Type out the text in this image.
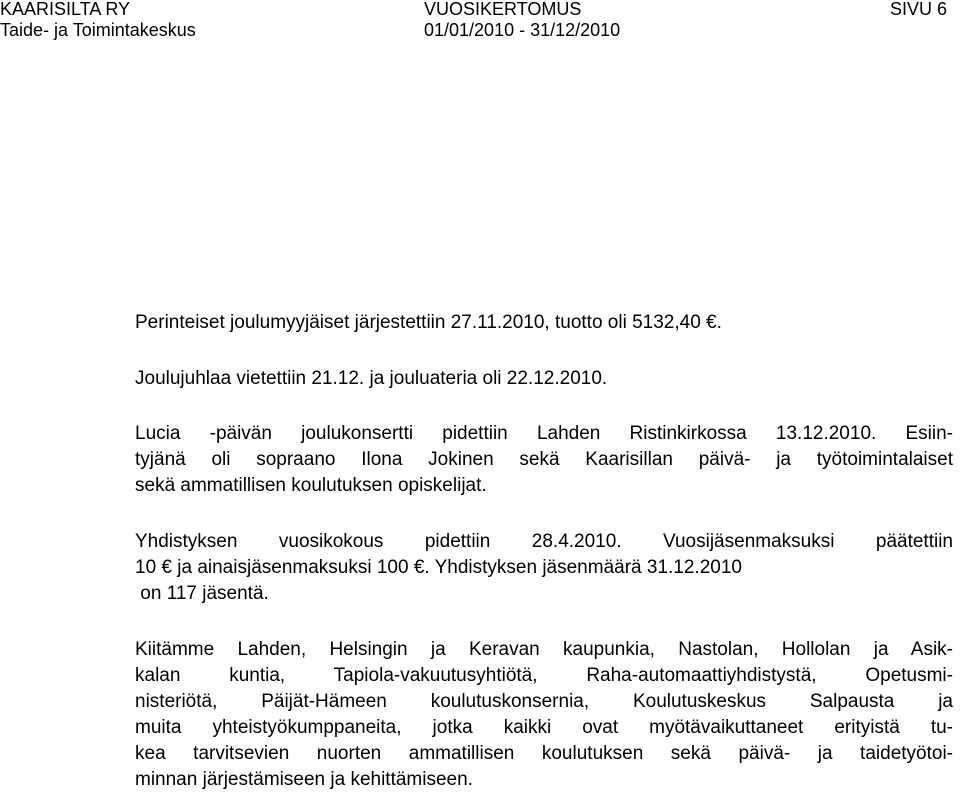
KAARISILTA RY	VUOSIKERTOMUS	SIVU 6
Taide- ja Toimintakeskus	01/01/2010 - 31/12/2010

Perinteiset joulumyyjäiset järjestettiin 27.11.2010, tuotto oli 5132,40 €.

Joulujuhlaa vietettiin 21.12. ja jouluateria oli 22.12.2010.

Lucia -päivän joulukonsertti pidettiin Lahden Ristinkirkossa 13.12.2010. Esiin-
tyjänä oli sopraano Ilona Jokinen sekä Kaarisillan päivä- ja työtoimintalaiset
sekä ammatillisen koulutuksen opiskelijat.

Yhdistyksen vuosikokous pidettiin 28.4.2010. Vuosijäsenmaksuksi päätettiin
10 € ja ainaisjäsenmaksuksi 100 €. Yhdistyksen jäsenmäärä 31.12.2010
on 117 jäsentä.

Kiitämme Lahden, Helsingin ja Keravan kaupunkia, Nastolan, Hollolan ja Asik-
kalan kuntia, Tapiola-vakuutusyhtiötä, Raha-automaattiyhdistystä, Opetusmi-
nisteriötä, Päijät-Hämeen koulutuskonsernia, Koulutuskeskus Salpausta ja
muita yhteistyökumppaneita, jotka kaikki ovat myötävaikuttaneet erityistä tu-
kea tarvitsevien nuorten ammatillisen koulutuksen sekä päivä- ja taidetyötoi-
minnan järjestämiseen ja kehittämiseen.
